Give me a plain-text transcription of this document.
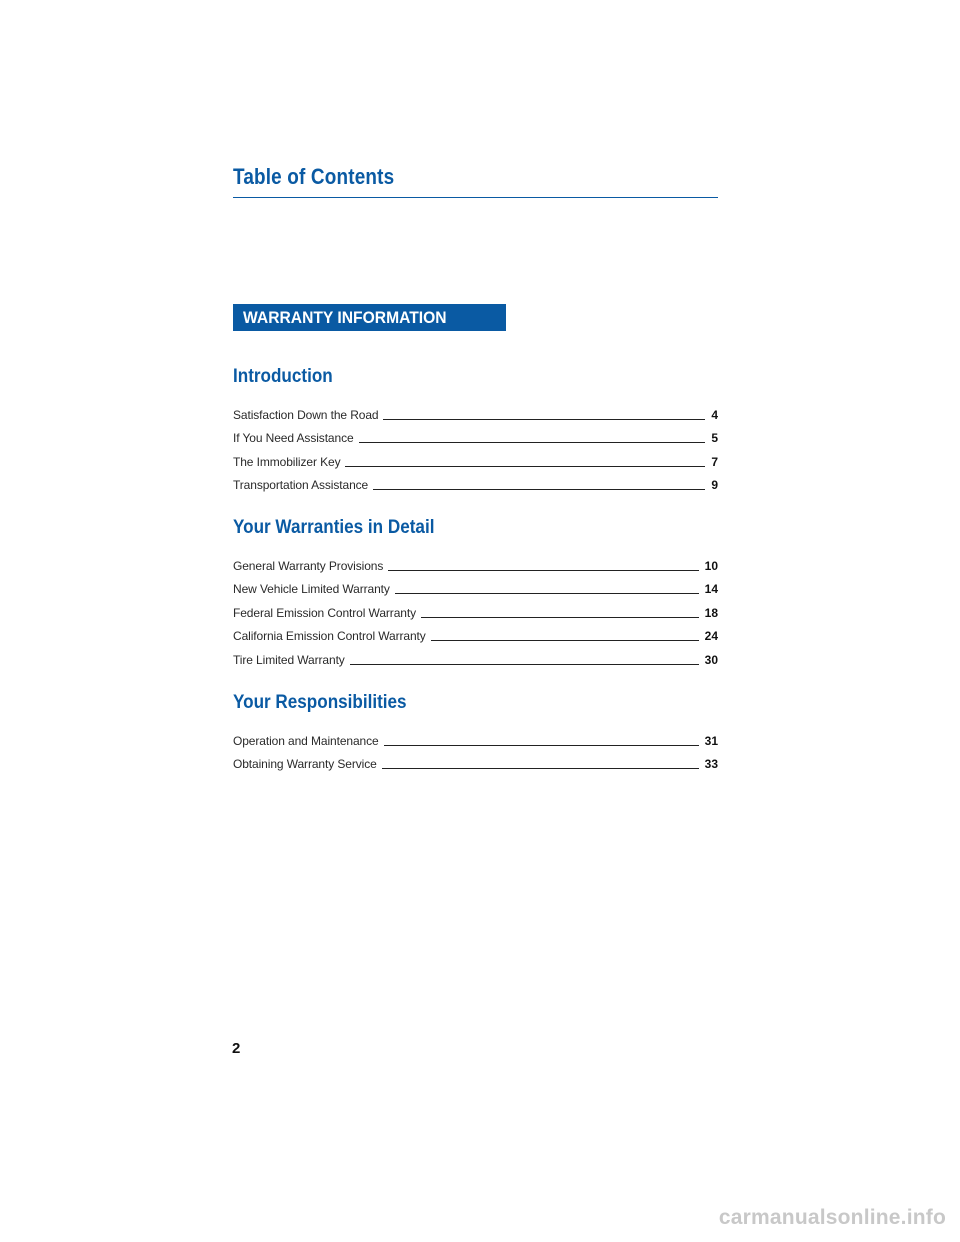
Table of Contents
WARRANTY INFORMATION
Introduction
Satisfaction Down the Road	4
If You Need Assistance	5
The Immobilizer Key	7
Transportation Assistance	9
Your Warranties in Detail
General Warranty Provisions	10
New Vehicle Limited Warranty	14
Federal Emission Control Warranty	18
California Emission Control Warranty	24
Tire Limited Warranty	30
Your Responsibilities
Operation and Maintenance	31
Obtaining Warranty Service	33
2
carmanualsonline.info
